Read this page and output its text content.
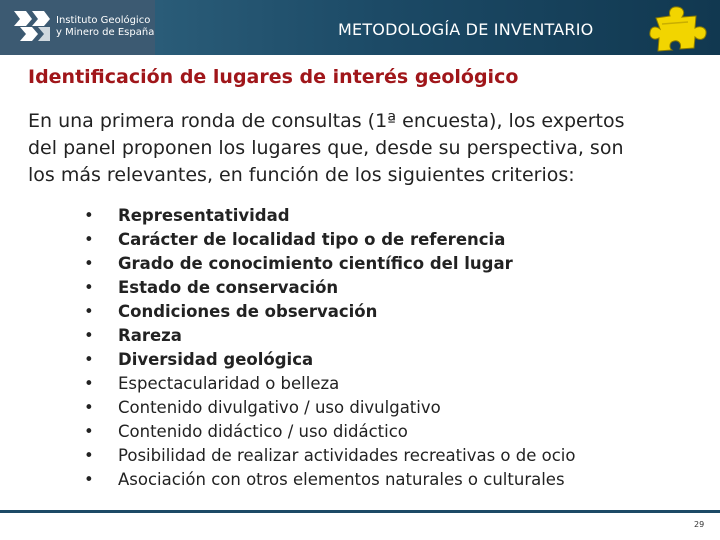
Instituto Geológico
y Minero de España	METODOLOGÍA DE INVENTARIO
Identificación de lugares de interés geológico
En una primera ronda de consultas (1ª encuesta), los expertos
del panel proponen los lugares que, desde su perspectiva, son
los más relevantes, en función de los siguientes criterios:
•	Representatividad
•	Carácter de localidad tipo o de referencia
•	Grado de conocimiento científico del lugar
•	Estado de conservación
•	Condiciones de observación
•	Rareza
•	Diversidad geológica
•	Espectacularidad o belleza
•	Contenido divulgativo / uso divulgativo
•	Contenido didáctico / uso didáctico
•	Posibilidad de realizar actividades recreativas o de ocio
•	Asociación con otros elementos naturales o culturales
29
